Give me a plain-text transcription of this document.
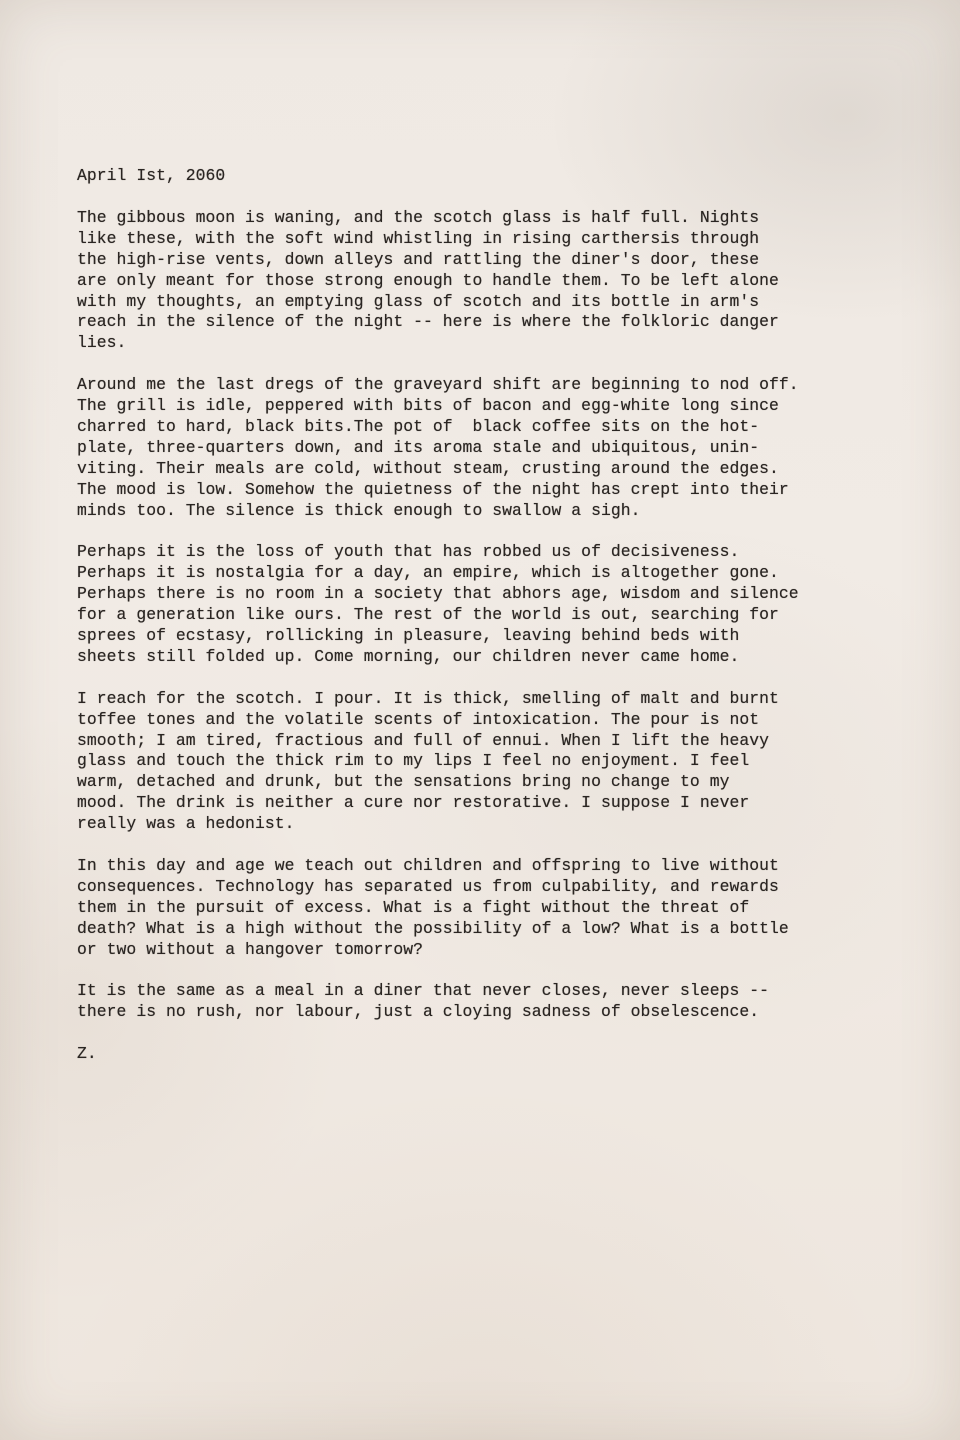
April Ist, 2060
The gibbous moon is waning, and the scotch glass is half full. Nights
like these, with the soft wind whistling in rising carthersis through
the high-rise vents, down alleys and rattling the diner's door, these
are only meant for those strong enough to handle them. To be left alone
with my thoughts, an emptying glass of scotch and its bottle in arm's
reach in the silence of the night -- here is where the folkloric danger
lies.
Around me the last dregs of the graveyard shift are beginning to nod off.
The grill is idle, peppered with bits of bacon and egg-white long since
charred to hard, black bits.The pot of  black coffee sits on the hot-
plate, three-quarters down, and its aroma stale and ubiquitous, unin-
viting. Their meals are cold, without steam, crusting around the edges.
The mood is low. Somehow the quietness of the night has crept into their
minds too. The silence is thick enough to swallow a sigh.
Perhaps it is the loss of youth that has robbed us of decisiveness.
Perhaps it is nostalgia for a day, an empire, which is altogether gone.
Perhaps there is no room in a society that abhors age, wisdom and silence
for a generation like ours. The rest of the world is out, searching for
sprees of ecstasy, rollicking in pleasure, leaving behind beds with
sheets still folded up. Come morning, our children never came home.
I reach for the scotch. I pour. It is thick, smelling of malt and burnt
toffee tones and the volatile scents of intoxication. The pour is not
smooth; I am tired, fractious and full of ennui. When I lift the heavy
glass and touch the thick rim to my lips I feel no enjoyment. I feel
warm, detached and drunk, but the sensations bring no change to my
mood. The drink is neither a cure nor restorative. I suppose I never
really was a hedonist.
In this day and age we teach out children and offspring to live without
consequences. Technology has separated us from culpability, and rewards
them in the pursuit of excess. What is a fight without the threat of
death? What is a high without the possibility of a low? What is a bottle
or two without a hangover tomorrow?
It is the same as a meal in a diner that never closes, never sleeps --
there is no rush, nor labour, just a cloying sadness of obselescence.
Z.
